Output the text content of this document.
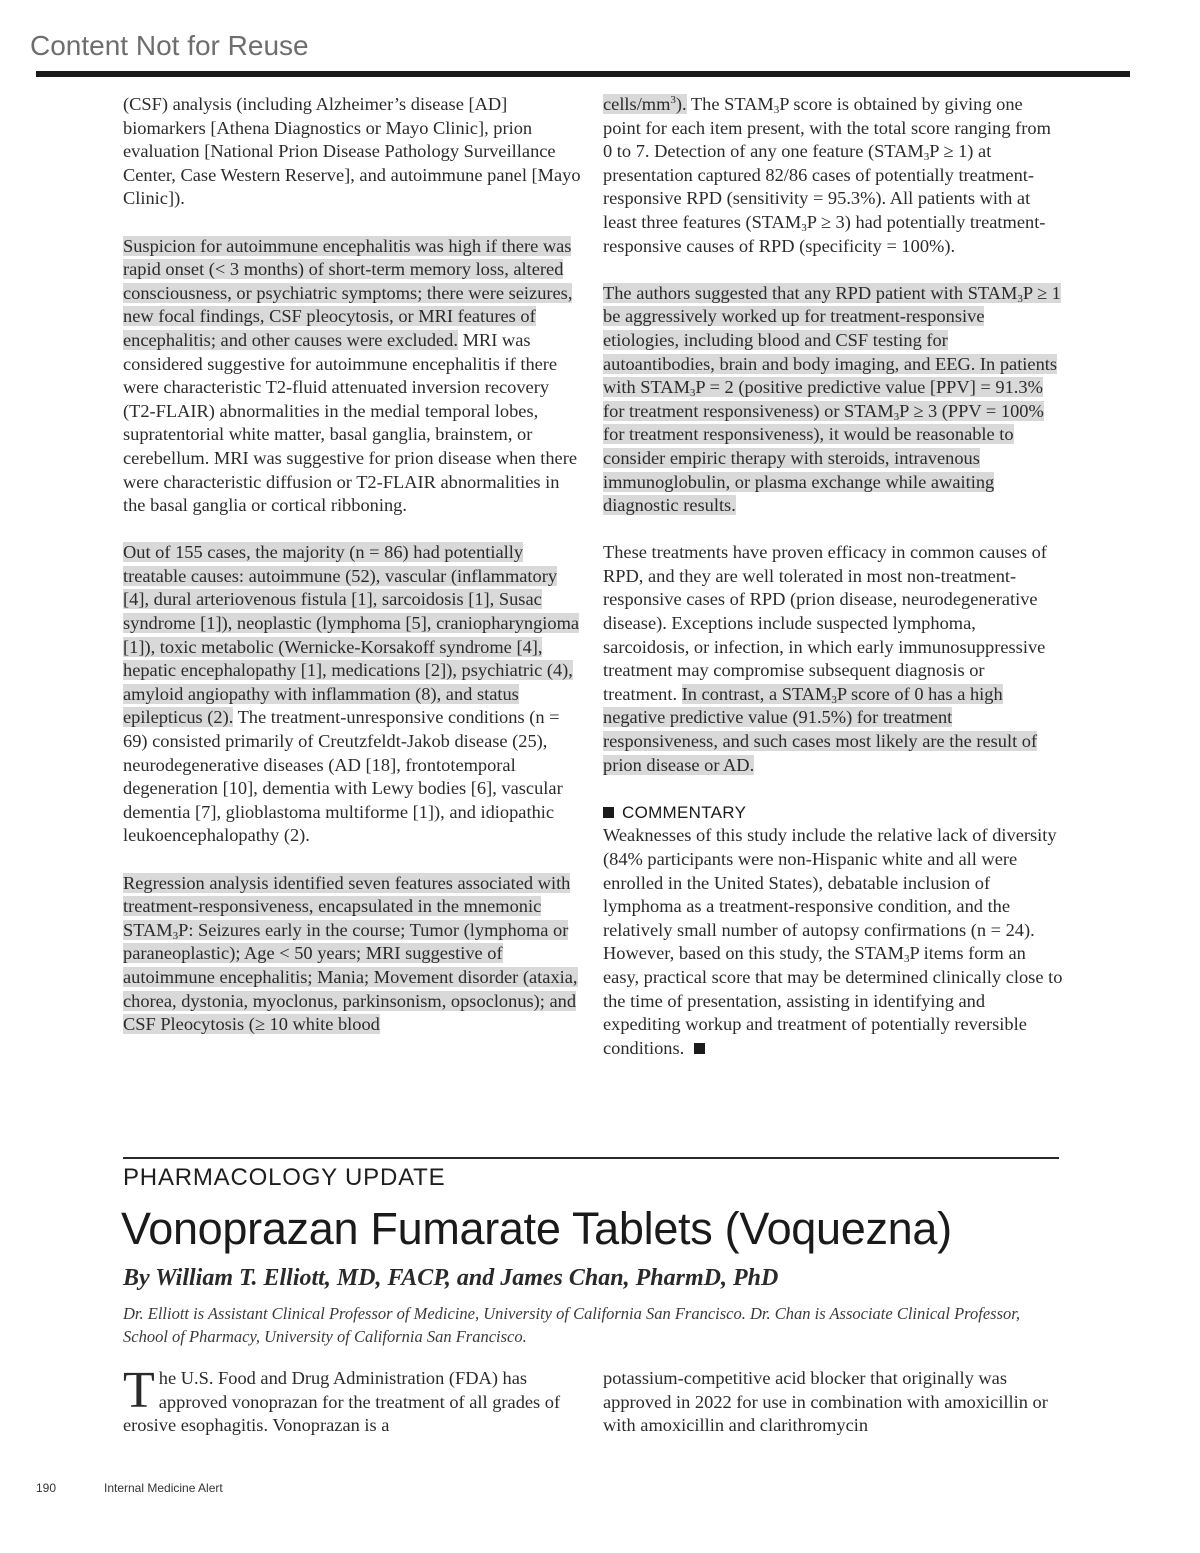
Content Not for Reuse

(CSF) analysis (including Alzheimer’s disease [AD] biomarkers [Athena Diagnostics or Mayo Clinic], prion evaluation [National Prion Disease Pathology Surveillance Center, Case Western Reserve], and autoimmune panel [Mayo Clinic]).

Suspicion for autoimmune encephalitis was high if there was rapid onset (< 3 months) of short-term memory loss, altered consciousness, or psychiatric symptoms; there were seizures, new focal findings, CSF pleocytosis, or MRI features of encephalitis; and other causes were excluded. MRI was considered suggestive for autoimmune encephalitis if there were characteristic T2-fluid attenuated inversion recovery (T2-FLAIR) abnormalities in the medial temporal lobes, supratentorial white matter, basal ganglia, brainstem, or cerebellum. MRI was suggestive for prion disease when there were characteristic diffusion or T2-FLAIR abnormalities in the basal ganglia or cortical ribboning.

Out of 155 cases, the majority (n = 86) had potentially treatable causes: autoimmune (52), vascular (inflammatory [4], dural arteriovenous fistula [1], sarcoidosis [1], Susac syndrome [1]), neoplastic (lymphoma [5], craniopharyngioma [1]), toxic metabolic (Wernicke-Korsakoff syndrome [4], hepatic encephalopathy [1], medications [2]), psychiatric (4), amyloid angiopathy with inflammation (8), and status epilepticus (2). The treatment-unresponsive conditions (n = 69) consisted primarily of Creutzfeldt-Jakob disease (25), neurodegenerative diseases (AD [18], frontotemporal degeneration [10], dementia with Lewy bodies [6], vascular dementia [7], glioblastoma multiforme [1]), and idiopathic leukoencephalopathy (2).

Regression analysis identified seven features associated with treatment-responsiveness, encapsulated in the mnemonic $STAM_3P$: Seizures early in the course; Tumor (lymphoma or paraneoplastic); Age < 50 years; MRI suggestive of autoimmune encephalitis; Mania; Movement disorder (ataxia, chorea, dystonia, myoclonus, parkinsonism, opsoclonus); and CSF Pleocytosis (≥ 10 white blood

cells/$mm^3$). The $STAM_3P$ score is obtained by giving one point for each item present, with the total score ranging from 0 to 7. Detection of any one feature $(STAM_3P \ge 1)$ at presentation captured 82/86 cases of potentially treatment-responsive RPD (sensitivity = 95.3%). All patients with at least three features $(STAM_3P \ge 3)$ had potentially treatment-responsive causes of RPD (specificity = 100%).

The authors suggested that any RPD patient with $STAM_3P \ge 1$ be aggressively worked up for treatment-responsive etiologies, including blood and CSF testing for autoantibodies, brain and body imaging, and EEG. In patients with $STAM_3P = 2$ (positive predictive value [PPV] = 91.3% for treatment responsiveness) or $STAM_3P \ge 3$ (PPV = 100% for treatment responsiveness), it would be reasonable to consider empiric therapy with steroids, intravenous immunoglobulin, or plasma exchange while awaiting diagnostic results.

These treatments have proven efficacy in common causes of RPD, and they are well tolerated in most non-treatment-responsive cases of RPD (prion disease, neurodegenerative disease). Exceptions include suspected lymphoma, sarcoidosis, or infection, in which early immunosuppressive treatment may compromise subsequent diagnosis or treatment. In contrast, a $STAM_3P$ score of 0 has a high negative predictive value (91.5%) for treatment responsiveness, and such cases most likely are the result of prion disease or AD.

COMMENTARY

Weaknesses of this study include the relative lack of diversity (84% participants were non-Hispanic white and all were enrolled in the United States), debatable inclusion of lymphoma as a treatment-responsive condition, and the relatively small number of autopsy confirmations (n = 24). However, based on this study, the $STAM_3P$ items form an easy, practical score that may be determined clinically close to the time of presentation, assisting in identifying and expediting workup and treatment of potentially reversible conditions.

PHARMACOLOGY UPDATE
Vonoprazan Fumarate Tablets (Voquezna)
By William T. Elliott, MD, FACP, and James Chan, PharmD, PhD
Dr. Elliott is Assistant Clinical Professor of Medicine, University of California San Francisco. Dr. Chan is Associate Clinical Professor, School of Pharmacy, University of California San Francisco.
The U.S. Food and Drug Administration (FDA) has approved vonoprazan for the treatment of all grades of erosive esophagitis. Vonoprazan is a
potassium-competitive acid blocker that originally was approved in 2022 for use in combination with amoxicillin or with amoxicillin and clarithromycin
190	Internal Medicine Alert
